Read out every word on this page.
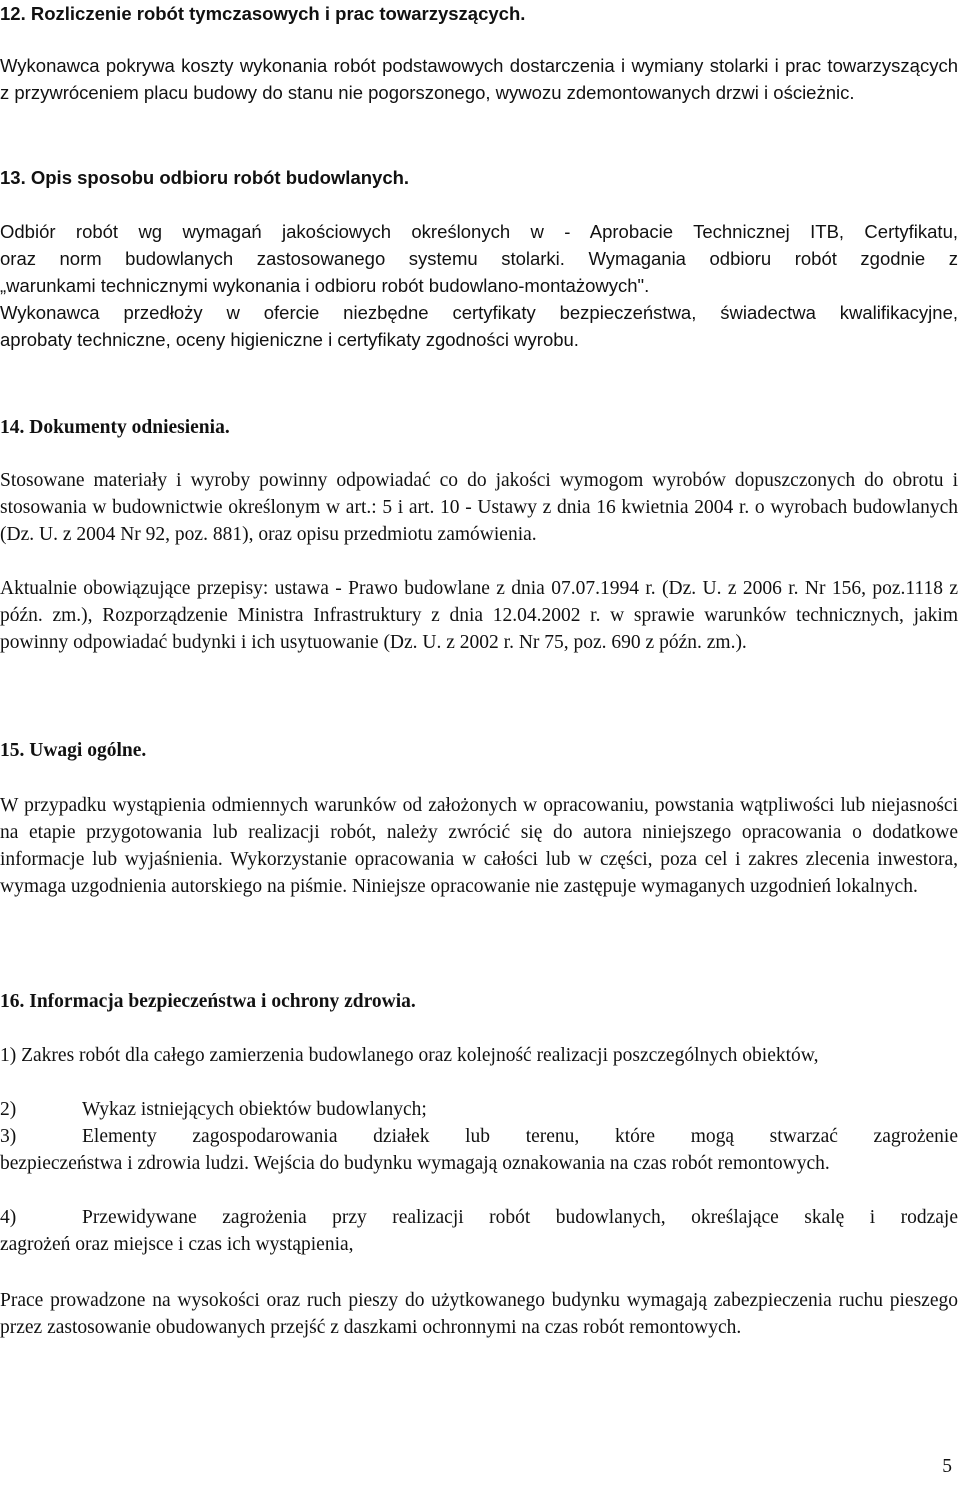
12. Rozliczenie robót tymczasowych i prac towarzyszących.

Wykonawca pokrywa koszty wykonania robót podstawowych dostarczenia i wymiany stolarki i prac towarzyszących z przywróceniem placu budowy do stanu nie pogorszonego, wywozu zdemontowanych drzwi i ościeżnic.

13. Opis sposobu odbioru robót budowlanych.

Odbiór robót wg wymagań jakościowych określonych w - Aprobacie Technicznej ITB, Certyfikatu,
oraz norm budowlanych zastosowanego systemu stolarki. Wymagania odbioru robót zgodnie z
„warunkami technicznymi wykonania i odbioru robót budowlano-montażowych".
Wykonawca przedłoży w ofercie niezbędne certyfikaty bezpieczeństwa, świadectwa kwalifikacyjne,
aprobaty techniczne, oceny higieniczne i certyfikaty zgodności wyrobu.

14. Dokumenty odniesienia.

Stosowane materiały i wyroby powinny odpowiadać co do jakości wymogom wyrobów dopuszczonych do obrotu i stosowania w budownictwie określonym w art.: 5 i art. 10 - Ustawy z dnia 16 kwietnia 2004 r. o wyrobach budowlanych (Dz. U. z 2004 Nr 92, poz. 881), oraz opisu przedmiotu zamówienia.

Aktualnie obowiązujące przepisy: ustawa - Prawo budowlane z dnia 07.07.1994 r. (Dz. U. z 2006 r. Nr 156, poz.1118 z późn. zm.), Rozporządzenie Ministra Infrastruktury z dnia 12.04.2002 r. w sprawie warunków technicznych, jakim powinny odpowiadać budynki i ich usytuowanie (Dz. U. z 2002 r. Nr 75, poz. 690 z późn. zm.).

15. Uwagi ogólne.

W przypadku wystąpienia odmiennych warunków od założonych w opracowaniu, powstania wątpliwości lub niejasności na etapie przygotowania lub realizacji robót, należy zwrócić się do autora niniejszego opracowania o dodatkowe informacje lub wyjaśnienia. Wykorzystanie opracowania w całości lub w części, poza cel i zakres zlecenia inwestora, wymaga uzgodnienia autorskiego na piśmie. Niniejsze opracowanie nie zastępuje wymaganych uzgodnień lokalnych.

16. Informacja bezpieczeństwa i ochrony zdrowia.

1) Zakres robót dla całego zamierzenia budowlanego oraz kolejność realizacji poszczególnych obiektów,

2)	Wykaz istniejących obiektów budowlanych;
3)	Elementy zagospodarowania działek lub terenu, które mogą stwarzać zagrożenie
bezpieczeństwa i zdrowia ludzi. Wejścia do budynku wymagają oznakowania na czas robót remontowych.
4)	Przewidywane zagrożenia przy realizacji robót budowlanych, określające skalę i rodzaje
zagrożeń oraz miejsce i czas ich wystąpienia,

Prace prowadzone na wysokości oraz ruch pieszy do użytkowanego budynku wymagają zabezpieczenia ruchu pieszego przez zastosowanie obudowanych przejść z daszkami ochronnymi na czas robót remontowych.

5
